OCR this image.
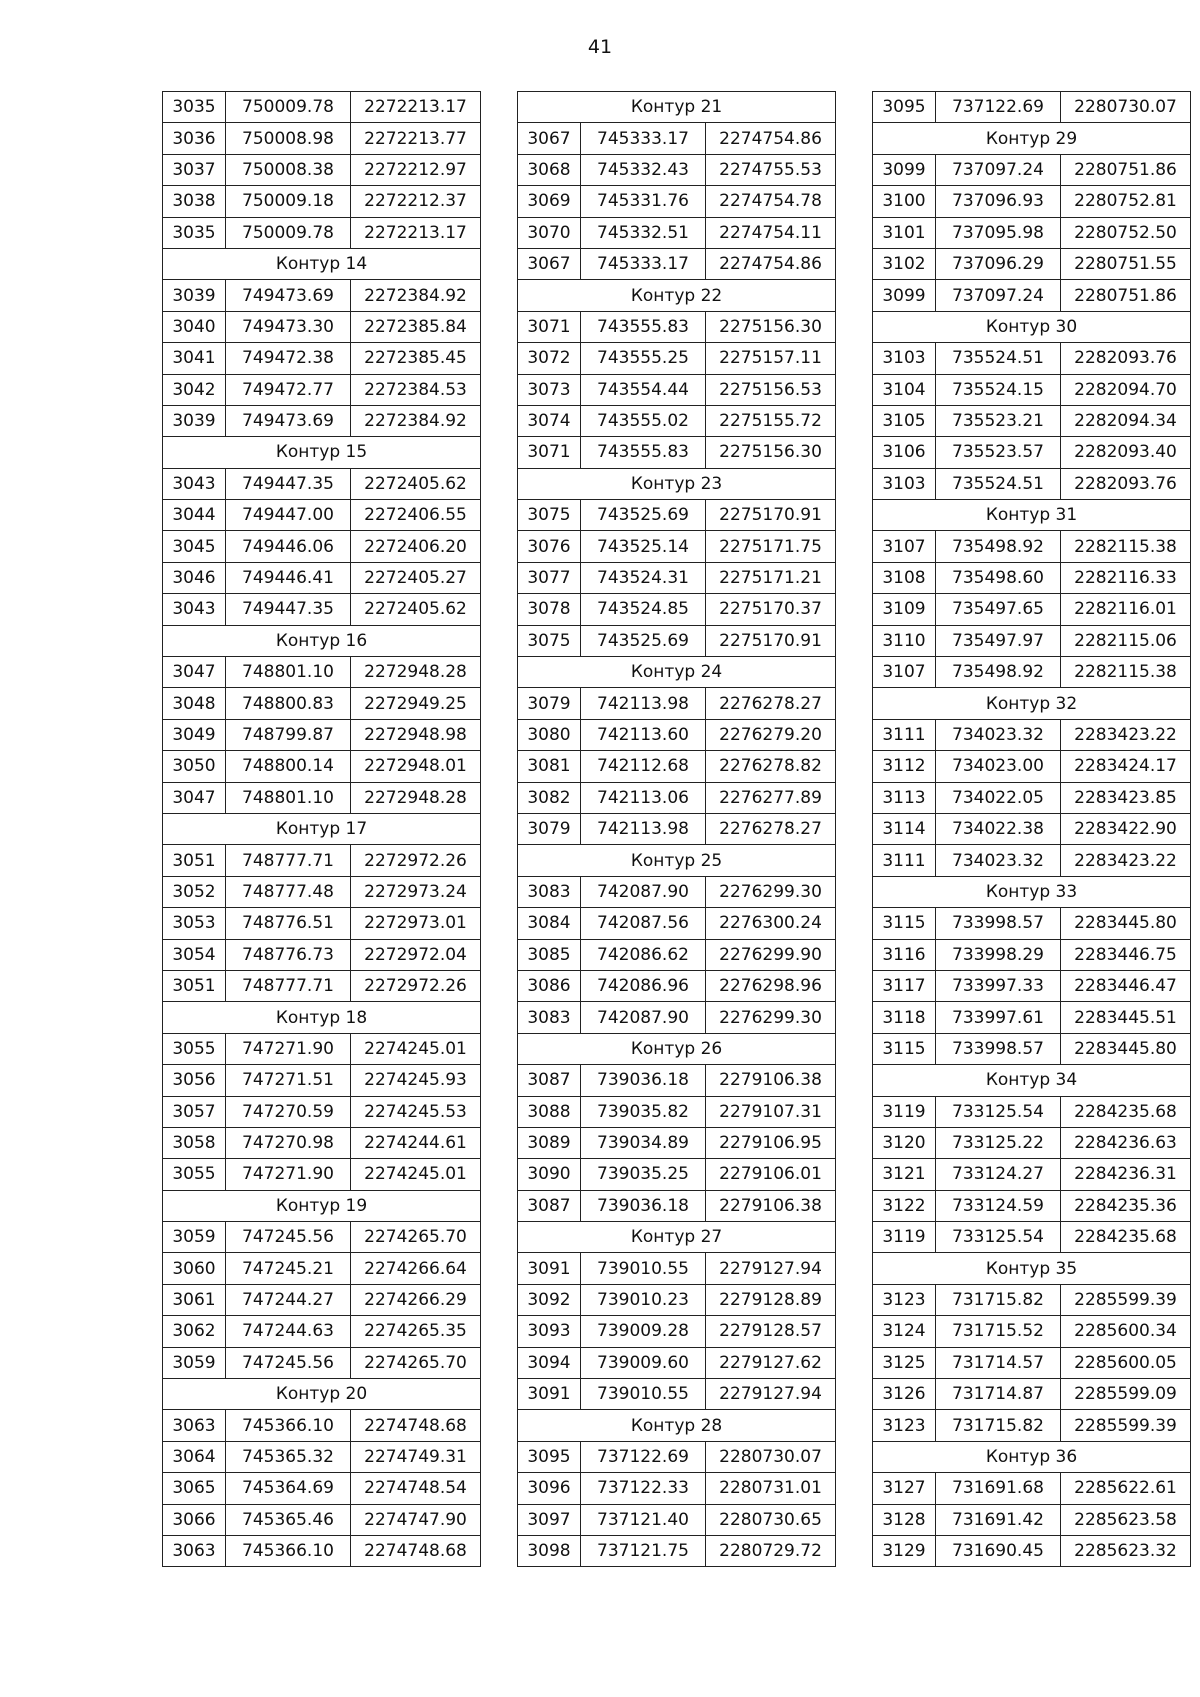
41
3035	750009.78	2272213.17
3036	750008.98	2272213.77
3037	750008.38	2272212.97
3038	750009.18	2272212.37
3035	750009.78	2272213.17
Контур 14		
3039	749473.69	2272384.92
3040	749473.30	2272385.84
3041	749472.38	2272385.45
3042	749472.77	2272384.53
3039	749473.69	2272384.92
Контур 15		
3043	749447.35	2272405.62
3044	749447.00	2272406.55
3045	749446.06	2272406.20
3046	749446.41	2272405.27
3043	749447.35	2272405.62
Контур 16		
3047	748801.10	2272948.28
3048	748800.83	2272949.25
3049	748799.87	2272948.98
3050	748800.14	2272948.01
3047	748801.10	2272948.28
Контур 17		
3051	748777.71	2272972.26
3052	748777.48	2272973.24
3053	748776.51	2272973.01
3054	748776.73	2272972.04
3051	748777.71	2272972.26
Контур 18		
3055	747271.90	2274245.01
3056	747271.51	2274245.93
3057	747270.59	2274245.53
3058	747270.98	2274244.61
3055	747271.90	2274245.01
Контур 19		
3059	747245.56	2274265.70
3060	747245.21	2274266.64
3061	747244.27	2274266.29
3062	747244.63	2274265.35
3059	747245.56	2274265.70
Контур 20		
3063	745366.10	2274748.68
3064	745365.32	2274749.31
3065	745364.69	2274748.54
3066	745365.46	2274747.90
3063	745366.10	2274748.68
Контур 21		
3067	745333.17	2274754.86
3068	745332.43	2274755.53
3069	745331.76	2274754.78
3070	745332.51	2274754.11
3067	745333.17	2274754.86
Контур 22		
3071	743555.83	2275156.30
3072	743555.25	2275157.11
3073	743554.44	2275156.53
3074	743555.02	2275155.72
3071	743555.83	2275156.30
Контур 23		
3075	743525.69	2275170.91
3076	743525.14	2275171.75
3077	743524.31	2275171.21
3078	743524.85	2275170.37
3075	743525.69	2275170.91
Контур 24		
3079	742113.98	2276278.27
3080	742113.60	2276279.20
3081	742112.68	2276278.82
3082	742113.06	2276277.89
3079	742113.98	2276278.27
Контур 25		
3083	742087.90	2276299.30
3084	742087.56	2276300.24
3085	742086.62	2276299.90
3086	742086.96	2276298.96
3083	742087.90	2276299.30
Контур 26		
3087	739036.18	2279106.38
3088	739035.82	2279107.31
3089	739034.89	2279106.95
3090	739035.25	2279106.01
3087	739036.18	2279106.38
Контур 27		
3091	739010.55	2279127.94
3092	739010.23	2279128.89
3093	739009.28	2279128.57
3094	739009.60	2279127.62
3091	739010.55	2279127.94
Контур 28		
3095	737122.69	2280730.07
3096	737122.33	2280731.01
3097	737121.40	2280730.65
3098	737121.75	2280729.72
3095	737122.69	2280730.07
Контур 29		
3099	737097.24	2280751.86
3100	737096.93	2280752.81
3101	737095.98	2280752.50
3102	737096.29	2280751.55
3099	737097.24	2280751.86
Контур 30		
3103	735524.51	2282093.76
3104	735524.15	2282094.70
3105	735523.21	2282094.34
3106	735523.57	2282093.40
3103	735524.51	2282093.76
Контур 31		
3107	735498.92	2282115.38
3108	735498.60	2282116.33
3109	735497.65	2282116.01
3110	735497.97	2282115.06
3107	735498.92	2282115.38
Контур 32		
3111	734023.32	2283423.22
3112	734023.00	2283424.17
3113	734022.05	2283423.85
3114	734022.38	2283422.90
3111	734023.32	2283423.22
Контур 33		
3115	733998.57	2283445.80
3116	733998.29	2283446.75
3117	733997.33	2283446.47
3118	733997.61	2283445.51
3115	733998.57	2283445.80
Контур 34		
3119	733125.54	2284235.68
3120	733125.22	2284236.63
3121	733124.27	2284236.31
3122	733124.59	2284235.36
3119	733125.54	2284235.68
Контур 35		
3123	731715.82	2285599.39
3124	731715.52	2285600.34
3125	731714.57	2285600.05
3126	731714.87	2285599.09
3123	731715.82	2285599.39
Контур 36		
3127	731691.68	2285622.61
3128	731691.42	2285623.58
3129	731690.45	2285623.32
